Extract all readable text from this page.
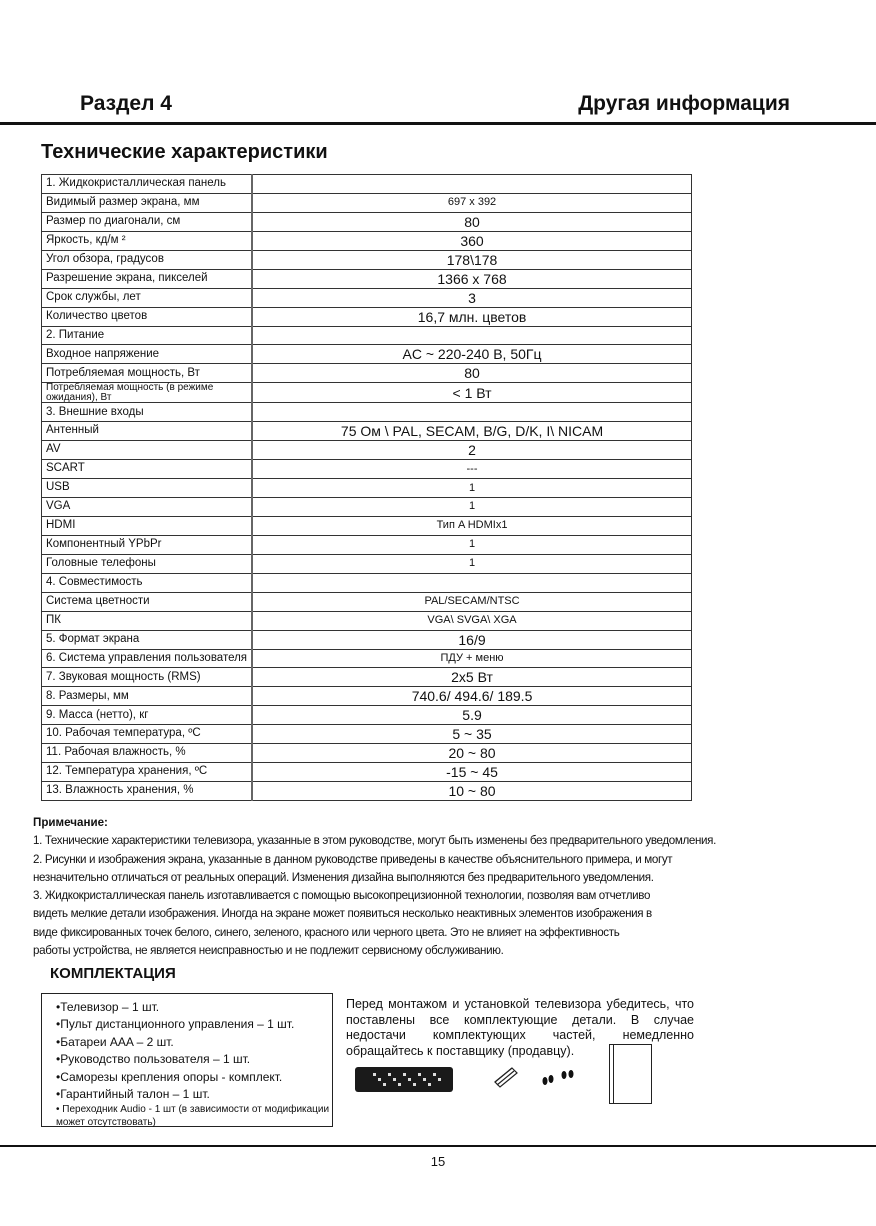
Раздел 4	Другая информация
Технические характеристики
1. Жидкокристаллическая панель	
Видимый размер экрана, мм	697 x 392
Размер по диагонали, см	80
Яркость, кд/м ²	360
Угол обзора, градусов	178\178
Разрешение экрана, пикселей	1366 x 768
Срок службы, лет	3
Количество цветов	16,7 млн. цветов
2. Питание	
Входное напряжение	AC ~ 220-240 В, 50Гц
Потребляемая мощность, Вт	80
Потребляемая мощность (в режиме ожидания), Вт	< 1 Вт
3. Внешние входы	
Антенный	75 Ом \ PAL, SECAM, B/G, D/K, I\ NICAM
AV	2
SCART	---
USB	1
VGA	1
HDMI	Тип A HDMIx1
Компонентный YPbPr	1
Головные телефоны	1
4. Совместимость	
Система цветности	PAL/SECAM/NTSC
ПК	VGA\ SVGA\ XGA
5. Формат экрана	16/9
6. Система управления пользователя	ПДУ + меню
7. Звуковая мощность (RMS)	2x5 Вт
8. Размеры, мм	740.6/ 494.6/ 189.5
9. Масса (нетто), кг	5.9
10. Рабочая температура, ºC	5 ~ 35
11. Рабочая влажность, %	20 ~ 80
12. Температура хранения, ºC	-15 ~ 45
13. Влажность хранения, %	10 ~ 80
Примечание:
1. Технические характеристики телевизора, указанные в этом руководстве, могут быть изменены без предварительного уведомления.
2. Рисунки и изображения экрана, указанные в данном руководстве приведены в качестве объяснительного примера, и могут
незначительно отличаться от реальных операций. Изменения дизайна выполняются без предварительного уведомления.
3. Жидкокристаллическая панель изготавливается с помощью высокопрецизионной технологии, позволяя вам отчетливо
видеть мелкие детали изображения. Иногда на экране может появиться несколько неактивных элементов изображения в
виде фиксированных точек белого, синего, зеленого, красного или черного цвета. Это не влияет на эффективность
работы устройства, не является неисправностью и не подлежит сервисному обслуживанию.
КОМПЛЕКТАЦИЯ
•Телевизор – 1 шт.
•Пульт дистанционного управления – 1 шт.
•Батареи AAA – 2 шт.
•Руководство пользователя – 1 шт.
•Саморезы крепления опоры - комплект.
•Гарантийный талон – 1 шт.
• Переходник Audio - 1 шт (в зависимости от модификации может отсутствовать)
Перед монтажом и установкой телевизора убедитесь, что поставлены все комплектующие детали. В случае недостачи комплектующих частей, немедленно обращайтесь к поставщику (продавцу).
15
